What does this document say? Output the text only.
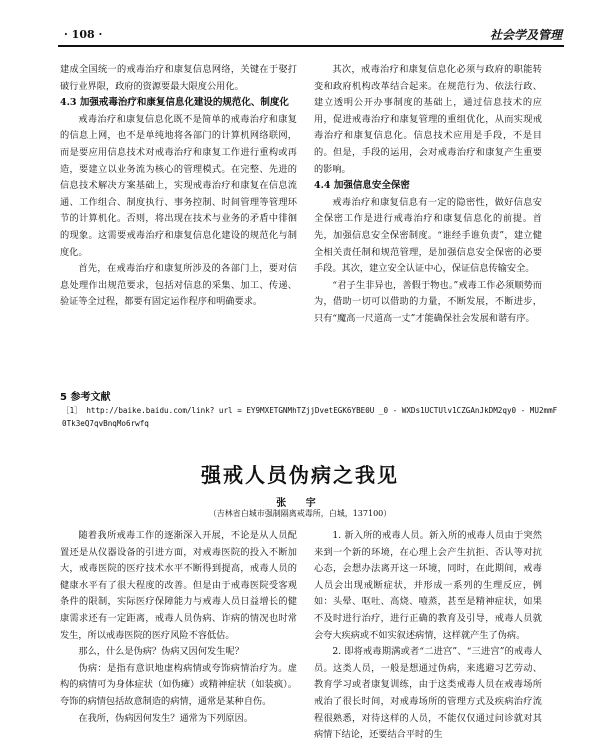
· 108 ·	社会学及管理

建成全国统一的戒毒治疗和康复信息网络，关键在于娶打破行业界限，政府的资源要最大限度公用化。

4.3 加强戒毒治疗和康复信息化建设的规范化、制度化

戒毒治疗和康复信息化既不是简单的戒毒治疗和康复的信息上网，也不是单纯地将各部门的计算机网络联网，而是要应用信息技术对戒毒治疗和康复工作进行重构或再造，要建立以业务流为核心的管理模式。在完整、先进的信息技术解决方案基础上，实现戒毒治疗和康复在信息流通、工作组合、制度执行、事务控制、时间管理等管理环节的计算机化。否则，将出现在技术与业务的矛盾中徘徊的现象。这需要戒毒治疗和康复信息化建设的规范化与制度化。

首先，在戒毒治疗和康复所涉及的各部门上，要对信息处理作出规范要求，包括对信息的采集、加工、传递、验证等全过程，都要有固定运作程序和明确要求。

其次，戒毒治疗和康复信息化必须与政府的职能转变和政府机构改革结合起来。在规范行为、依法行政、建立透明公开办事制度的基础上，通过信息技术的应用，促进戒毒治疗和康复管理的重组优化，从而实现戒毒治疗和康复信息化。信息技术应用是手段，不是目的。但是，手段的运用，会对戒毒治疗和康复产生重要的影响。

4.4 加强信息安全保密

戒毒治疗和康复信息有一定的隐密性，做好信息安全保密工作是进行戒毒治疗和康复信息化的前提。首先，加强信息安全保密制度。“谁经手谁负责”，建立健全相关责任制和规范管理，是加强信息安全保密的必要手段。其次，建立安全认证中心，保证信息传输安全。

“君子生非异也，善假于物也。”戒毒工作必须顺势而为，借助一切可以借助的力量，不断发展，不断进步，只有“魔高一尺道高一丈”才能确保社会发展和谐有序。

5 参考文献
［1］ http://baike.baidu.com/link? url = EY9MXETGNMhTZjjDvetEGK6YBE0U _0 - WXDs1UCTUlv1CZGAnJkDM2qy0 - MU2mmF0Tk3eQ7qvBnqMo6rwfq
强戒人员伪病之我见
张 宇
（吉林省白城市强制隔离戒毒所，白城，137100）

随着我所戒毒工作的逐渐深入开展，不论是从人员配置还是从仪器设备的引进方面，对戒毒医院的投入不断加大，戒毒医院的医疗技术水平不断得到提高，戒毒人员的健康水平有了很大程度的改善。但是由于戒毒医院受客观条件的限制，实际医疗保障能力与戒毒人员日益增长的健康需求还有一定距离，戒毒人员伪病、诈病的情况也时常发生，所以戒毒医院的医疗风险不容低估。

那么，什么是伪病？伪病又因何发生呢？

伪病：是指有意识地虚构病情或夸饰病情治疗为。虚构的病情可为身体症状（如伪瘫）或精神症状（如装疯）。夸饰的病情包括故意制造的病情，通常是某种自伤。

在我所，伪病因何发生？通常为下列原因。

1. 新入所的戒毒人员。新入所的戒毒人员由于突然来到一个新的环境，在心理上会产生抗拒、否认等对抗心态，会想办法离开这一环境，同时，在此期间，戒毒人员会出现戒断症状，并形成一系列的生理反应，例如：头晕、呕吐、高烧、噎蒸，甚至是精神症状，如果不及时进行治疗，进行正确的教育及引导，戒毒人员就会夸大疾病或不如实叙述病情，这样就产生了伪病。

2. 即将戒毒期满或者“二进宫”、“三进宫”的戒毒人员。这类人员，一般是想通过伪病，来逃避习艺劳动、教育学习或者康复训练，由于这类戒毒人员在戒毒场所戒治了很长时间，对戒毒场所的管理方式及疾病治疗流程很熟悉，对待这样的人员，不能仅仅通过问诊就对其病情下结论，还要结合平时的生
